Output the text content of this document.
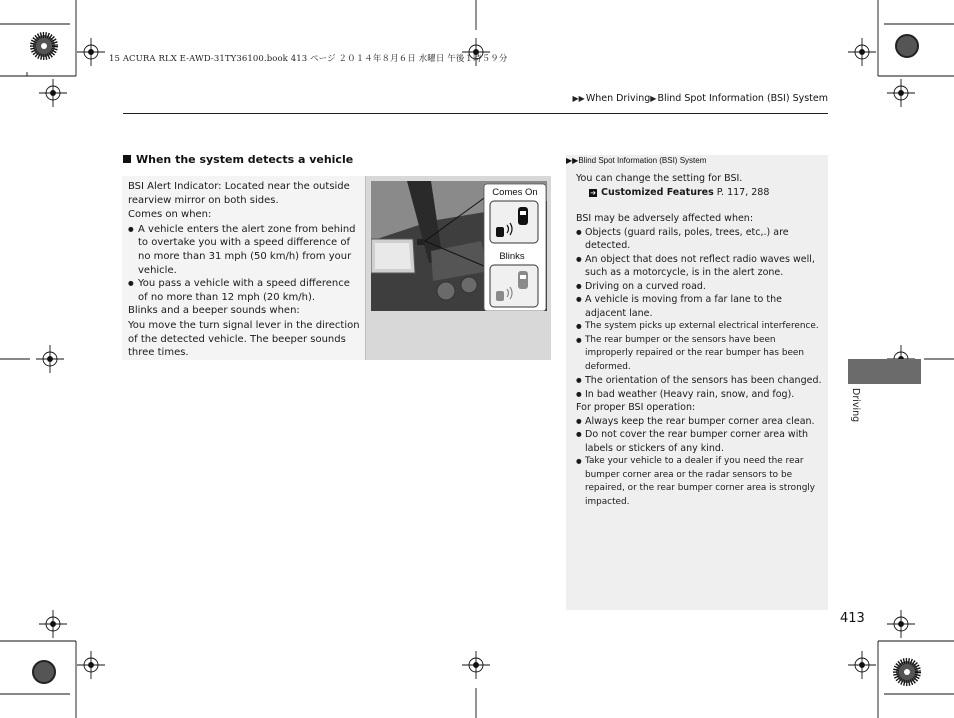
15 ACURA RLX E-AWD-31TY36100.book 413 ページ ２０１４年８月６日 水曜日 午後１時５９分
▶▶ When Driving ▶ Blind Spot Information (BSI) System
When the system detects a vehicle

BSI Alert Indicator: Located near the outside rearview mirror on both sides.

Comes on when:

● A vehicle enters the alert zone from behind to overtake you with a speed difference of no more than 31 mph (50 km/h) from your vehicle.
● You pass a vehicle with a speed difference of no more than 12 mph (20 km/h).

Blinks and a beeper sounds when:

You move the turn signal lever in the direction of the detected vehicle. The beeper sounds three times.

Comes On
Blinks
▶▶Blind Spot Information (BSI) System
You can change the setting for BSI.
➔ Customized Features P. 117, 288
BSI may be adversely affected when:
● Objects (guard rails, poles, trees, etc,.) are detected.
● An object that does not reflect radio waves well, such as a motorcycle, is in the alert zone.
● Driving on a curved road.
● A vehicle is moving from a far lane to the adjacent lane.
● The system picks up external electrical interference.
● The rear bumper or the sensors have been improperly repaired or the rear bumper has been deformed.
● The orientation of the sensors has been changed.
● In bad weather (Heavy rain, snow, and fog).
For proper BSI operation:
● Always keep the rear bumper corner area clean.
● Do not cover the rear bumper corner area with labels or stickers of any kind.
● Take your vehicle to a dealer if you need the rear bumper corner area or the radar sensors to be repaired, or the rear bumper corner area is strongly impacted.
Driving
413
